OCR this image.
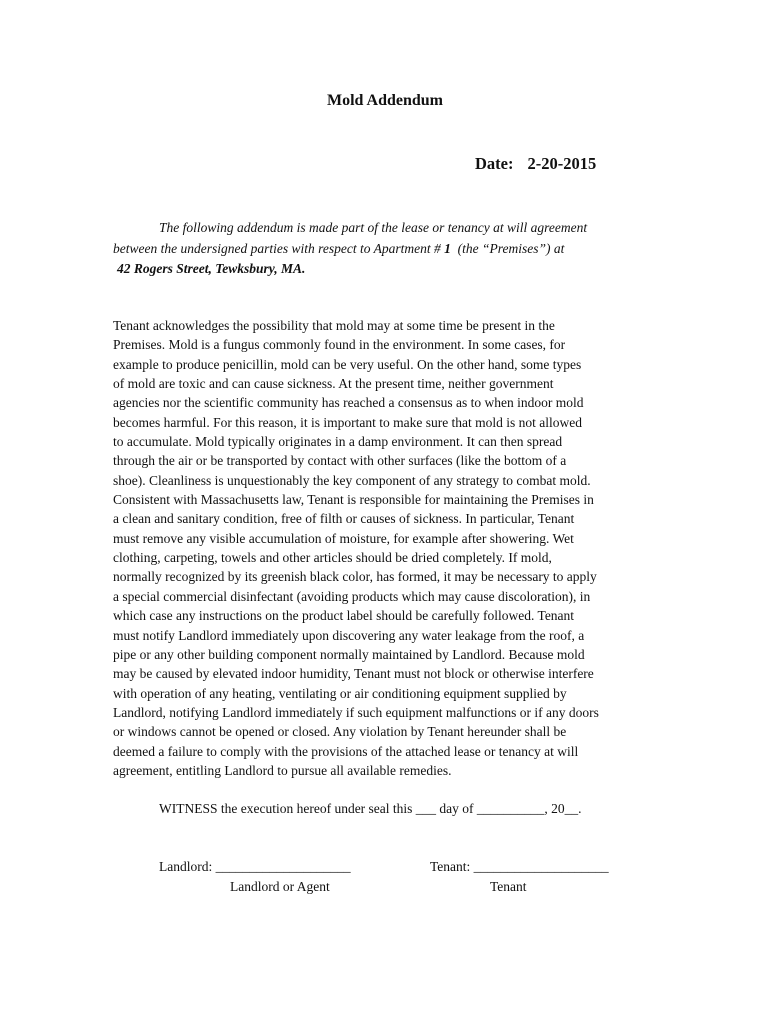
Mold Addendum
Date: 2-20-2015
The following addendum is made part of the lease or tenancy at will agreement
between the undersigned parties with respect to Apartment # 1  (the “Premises”) at
42 Rogers Street, Tewksbury, MA.
Tenant acknowledges the possibility that mold may at some time be present in the
Premises. Mold is a fungus commonly found in the environment. In some cases, for
example to produce penicillin, mold can be very useful. On the other hand, some types
of mold are toxic and can cause sickness. At the present time, neither government
agencies nor the scientific community has reached a consensus as to when indoor mold
becomes harmful. For this reason, it is important to make sure that mold is not allowed
to accumulate. Mold typically originates in a damp environment. It can then spread
through the air or be transported by contact with other surfaces (like the bottom of a
shoe). Cleanliness is unquestionably the key component of any strategy to combat mold.
Consistent with Massachusetts law, Tenant is responsible for maintaining the Premises in
a clean and sanitary condition, free of filth or causes of sickness. In particular, Tenant
must remove any visible accumulation of moisture, for example after showering. Wet
clothing, carpeting, towels and other articles should be dried completely. If mold,
normally recognized by its greenish black color, has formed, it may be necessary to apply
a special commercial disinfectant (avoiding products which may cause discoloration), in
which case any instructions on the product label should be carefully followed. Tenant
must notify Landlord immediately upon discovering any water leakage from the roof, a
pipe or any other building component normally maintained by Landlord. Because mold
may be caused by elevated indoor humidity, Tenant must not block or otherwise interfere
with operation of any heating, ventilating or air conditioning equipment supplied by
Landlord, notifying Landlord immediately if such equipment malfunctions or if any doors
or windows cannot be opened or closed. Any violation by Tenant hereunder shall be
deemed a failure to comply with the provisions of the attached lease or tenancy at will
agreement, entitling Landlord to pursue all available remedies.
WITNESS the execution hereof under seal this ___ day of __________, 20__.
Landlord: ____________________	Tenant: ____________________
Landlord or Agent	Tenant
